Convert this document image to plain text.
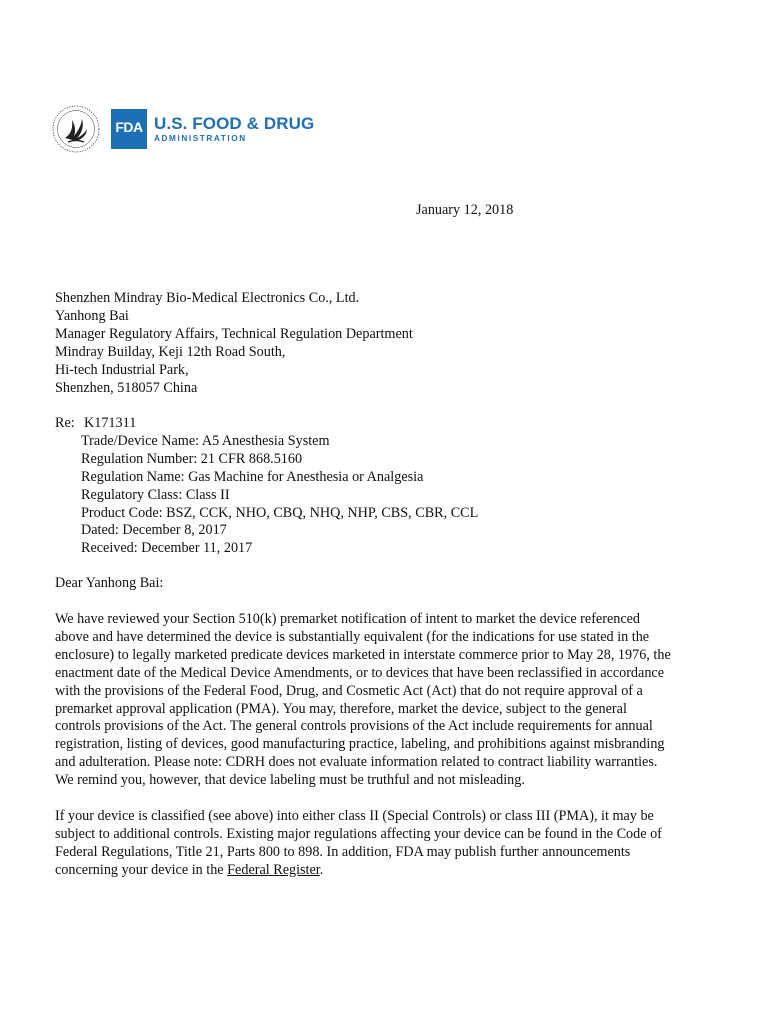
FDA U.S. FOOD & DRUG
ADMINISTRATION
January 12, 2018
Shenzhen Mindray Bio-Medical Electronics Co., Ltd.
Yanhong Bai
Manager Regulatory Affairs, Technical Regulation Department
Mindray Builday, Keji 12th Road South,
Hi-tech Industrial Park,
Shenzhen, 518057 China
Re: K171311
Trade/Device Name: A5 Anesthesia System
Regulation Number: 21 CFR 868.5160
Regulation Name: Gas Machine for Anesthesia or Analgesia
Regulatory Class: Class II
Product Code: BSZ, CCK, NHO, CBQ, NHQ, NHP, CBS, CBR, CCL
Dated: December 8, 2017
Received: December 11, 2017
Dear Yanhong Bai:
We have reviewed your Section 510(k) premarket notification of intent to market the device referenced
above and have determined the device is substantially equivalent (for the indications for use stated in the
enclosure) to legally marketed predicate devices marketed in interstate commerce prior to May 28, 1976, the
enactment date of the Medical Device Amendments, or to devices that have been reclassified in accordance
with the provisions of the Federal Food, Drug, and Cosmetic Act (Act) that do not require approval of a
premarket approval application (PMA). You may, therefore, market the device, subject to the general
controls provisions of the Act. The general controls provisions of the Act include requirements for annual
registration, listing of devices, good manufacturing practice, labeling, and prohibitions against misbranding
and adulteration. Please note: CDRH does not evaluate information related to contract liability warranties.
We remind you, however, that device labeling must be truthful and not misleading.
If your device is classified (see above) into either class II (Special Controls) or class III (PMA), it may be
subject to additional controls. Existing major regulations affecting your device can be found in the Code of
Federal Regulations, Title 21, Parts 800 to 898. In addition, FDA may publish further announcements
concerning your device in the Federal Register.
